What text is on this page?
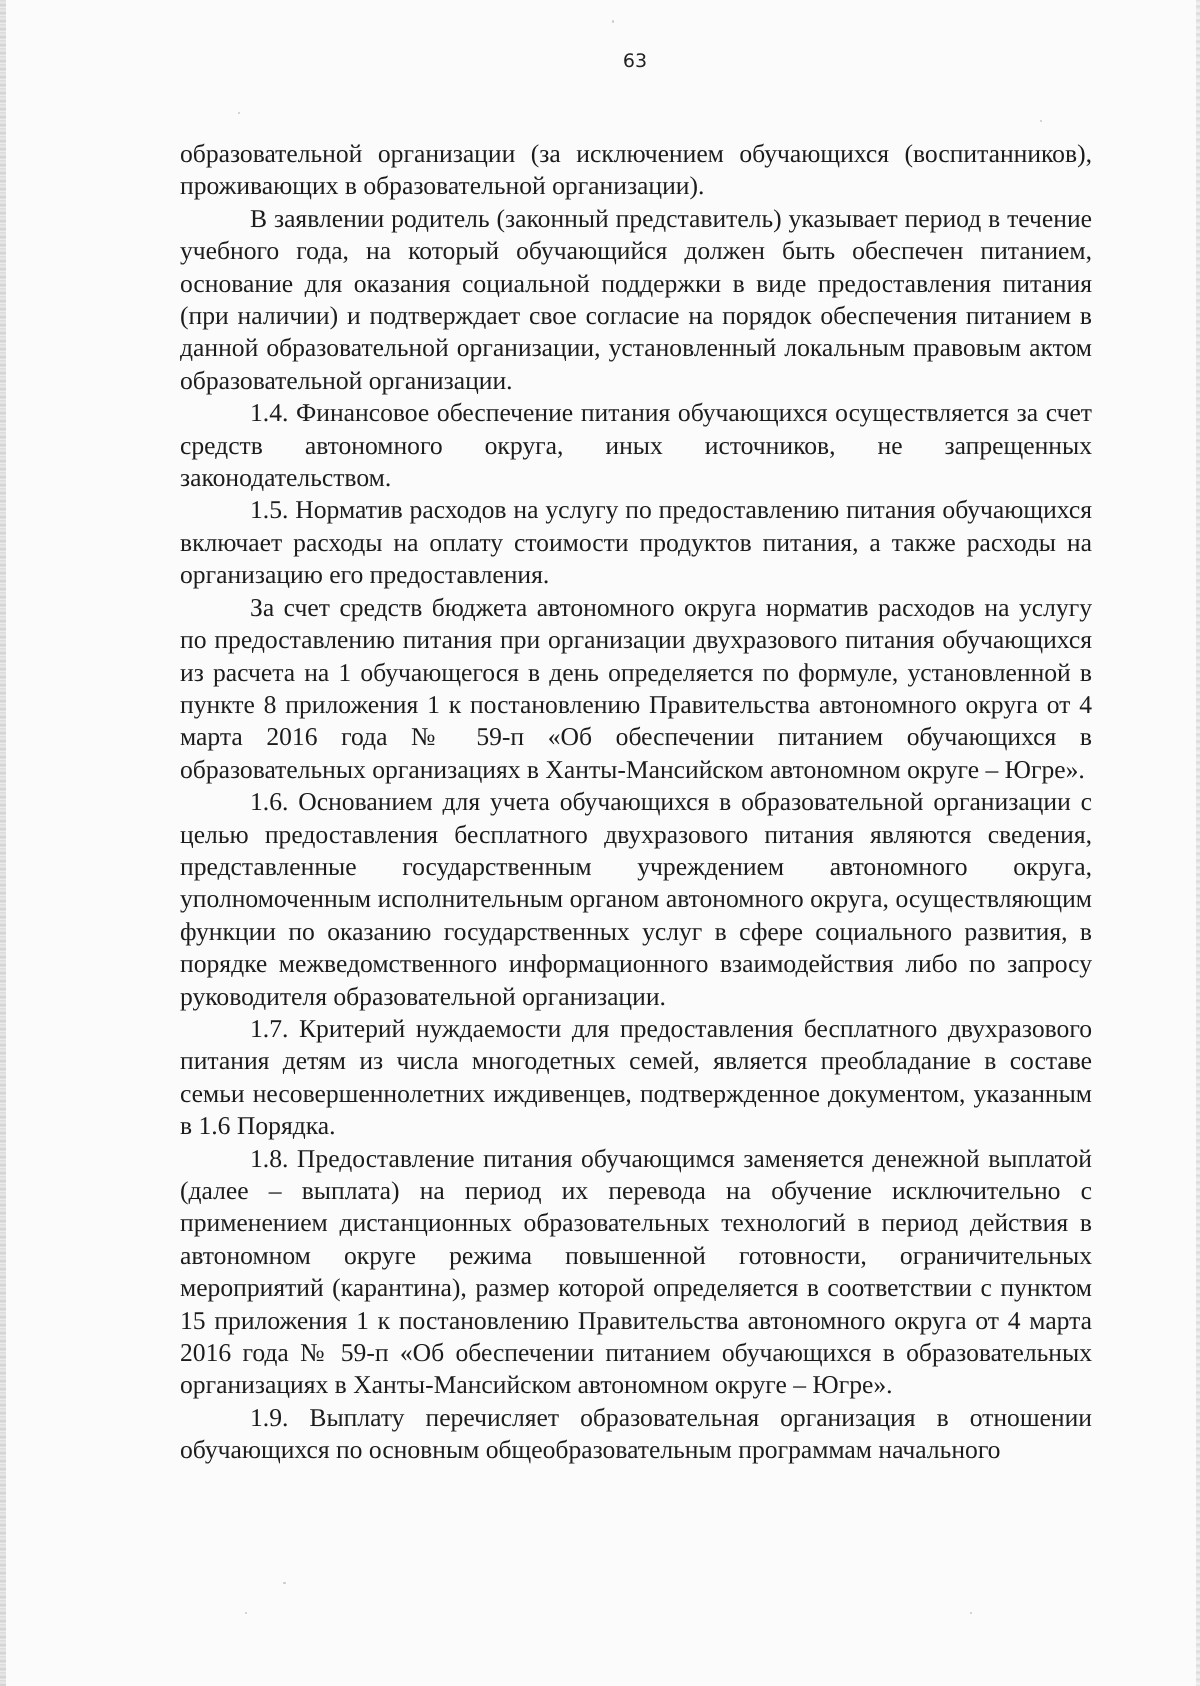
63

образовательной организации (за исключением обучающихся (воспитанников), проживающих в образовательной организации).

В заявлении родитель (законный представитель) указывает период в течение учебного года, на который обучающийся должен быть обеспечен питанием, основание для оказания социальной поддержки в виде предоставления питания (при наличии) и подтверждает свое согласие на порядок обеспечения питанием в данной образовательной организации, установленный локальным правовым актом образовательной организации.

1.4. Финансовое обеспечение питания обучающихся осуществляется за счет средств автономного округа, иных источников, не запрещенных законодательством.

1.5. Норматив расходов на услугу по предоставлению питания обучающихся включает расходы на оплату стоимости продуктов питания, а также расходы на организацию его предоставления.

За счет средств бюджета автономного округа норматив расходов на услугу по предоставлению питания при организации двухразового питания обучающихся из расчета на 1 обучающегося в день определяется по формуле, установленной в пункте 8 приложения 1 к постановлению Правительства автономного округа от 4 марта 2016 года № 59-п «Об обеспечении питанием обучающихся в образовательных организациях в Ханты-Мансийском автономном округе – Югре».

1.6. Основанием для учета обучающихся в образовательной организации с целью предоставления бесплатного двухразового питания являются сведения, представленные государственным учреждением автономного округа, уполномоченным исполнительным органом автономного округа, осуществляющим функции по оказанию государственных услуг в сфере социального развития, в порядке межведомственного информационного взаимодействия либо по запросу руководителя образовательной организации.

1.7. Критерий нуждаемости для предоставления бесплатного двухразового питания детям из числа многодетных семей, является преобладание в составе семьи несовершеннолетних иждивенцев, подтвержденное документом, указанным в 1.6 Порядка.

1.8. Предоставление питания обучающимся заменяется денежной выплатой (далее – выплата) на период их перевода на обучение исключительно с применением дистанционных образовательных технологий в период действия в автономном округе режима повышенной готовности, ограничительных мероприятий (карантина), размер которой определяется в соответствии с пунктом 15 приложения 1 к постановлению Правительства автономного округа от 4 марта 2016 года № 59-п «Об обеспечении питанием обучающихся в образовательных организациях в Ханты-Мансийском автономном округе – Югре».

1.9. Выплату перечисляет образовательная организация в отношении обучающихся по основным общеобразовательным программам начального
